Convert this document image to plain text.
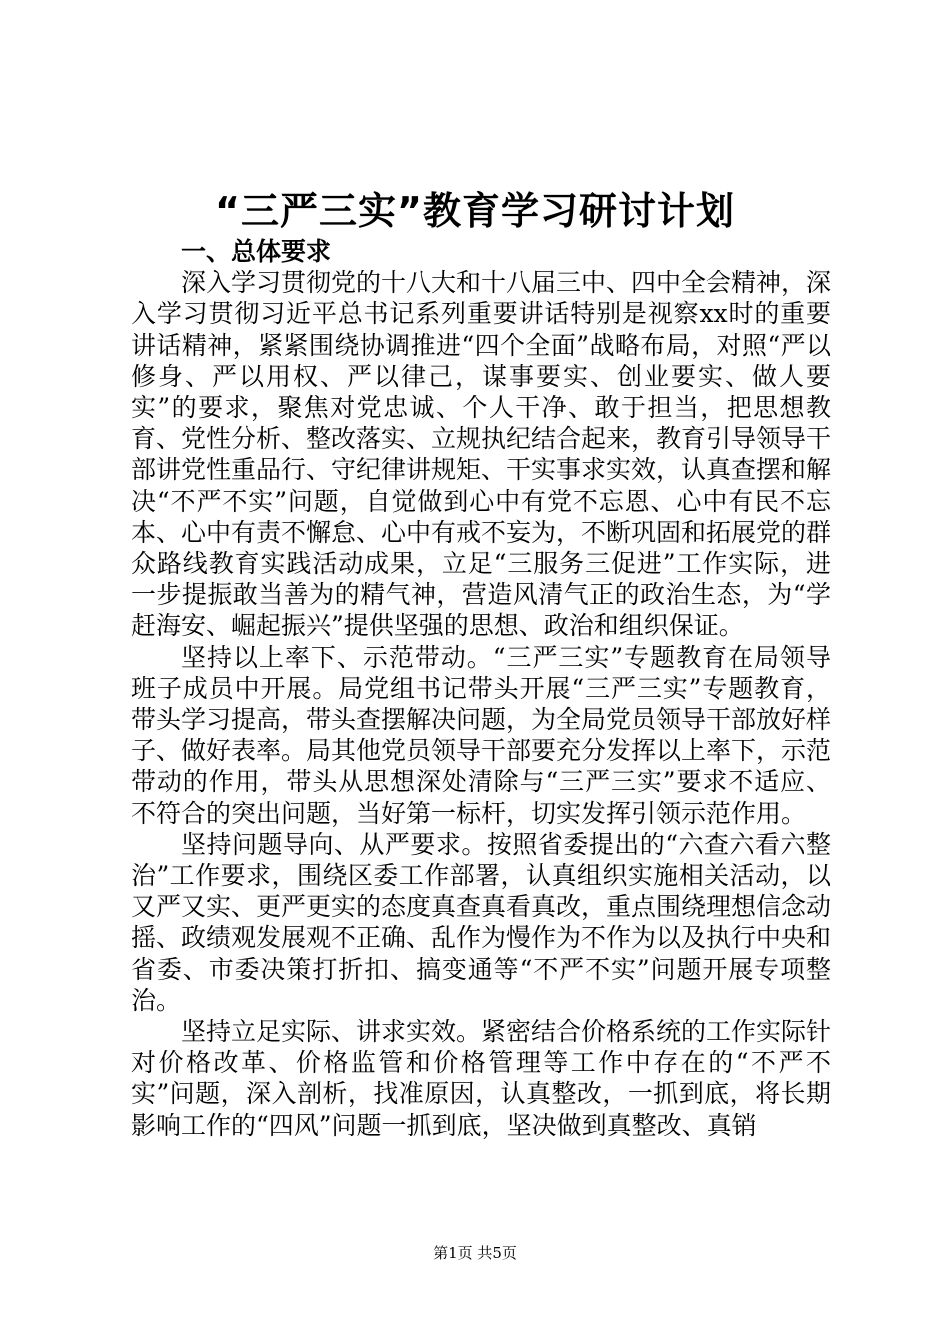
“三严三实”教育学习研讨计划
一、总体要求

深入学习贯彻党的十八大和十八届三中、四中全会精神，深入学习贯彻习近平总书记系列重要讲话特别是视察xx时的重要讲话精神，紧紧围绕协调推进“四个全面”战略布局，对照“严以修身、严以用权、严以律己，谋事要实、创业要实、做人要实”的要求，聚焦对党忠诚、个人干净、敢于担当，把思想教育、党性分析、整改落实、立规执纪结合起来，教育引导领导干部讲党性重品行、守纪律讲规矩、干实事求实效，认真查摆和解决“不严不实”问题，自觉做到心中有党不忘恩、心中有民不忘本、心中有责不懈怠、心中有戒不妄为，不断巩固和拓展党的群众路线教育实践活动成果，立足“三服务三促进”工作实际，进一步提振敢当善为的精气神，营造风清气正的政治生态，为“学赶海安、崛起振兴”提供坚强的思想、政治和组织保证。

坚持以上率下、示范带动。“三严三实”专题教育在局领导班子成员中开展。局党组书记带头开展“三严三实”专题教育，带头学习提高，带头查摆解决问题，为全局党员领导干部放好样子、做好表率。局其他党员领导干部要充分发挥以上率下，示范带动的作用，带头从思想深处清除与“三严三实”要求不适应、不符合的突出问题，当好第一标杆，切实发挥引领示范作用。

坚持问题导向、从严要求。按照省委提出的“六查六看六整治”工作要求，围绕区委工作部署，认真组织实施相关活动，以又严又实、更严更实的态度真查真看真改，重点围绕理想信念动摇、政绩观发展观不正确、乱作为慢作为不作为以及执行中央和省委、市委决策打折扣、搞变通等“不严不实”问题开展专项整治。

坚持立足实际、讲求实效。紧密结合价格系统的工作实际针对价格改革、价格监管和价格管理等工作中存在的“不严不实”问题，深入剖析，找准原因，认真整改，一抓到底，将长期影响工作的“四风”问题一抓到底，坚决做到真整改、真销

第1页 共5页
